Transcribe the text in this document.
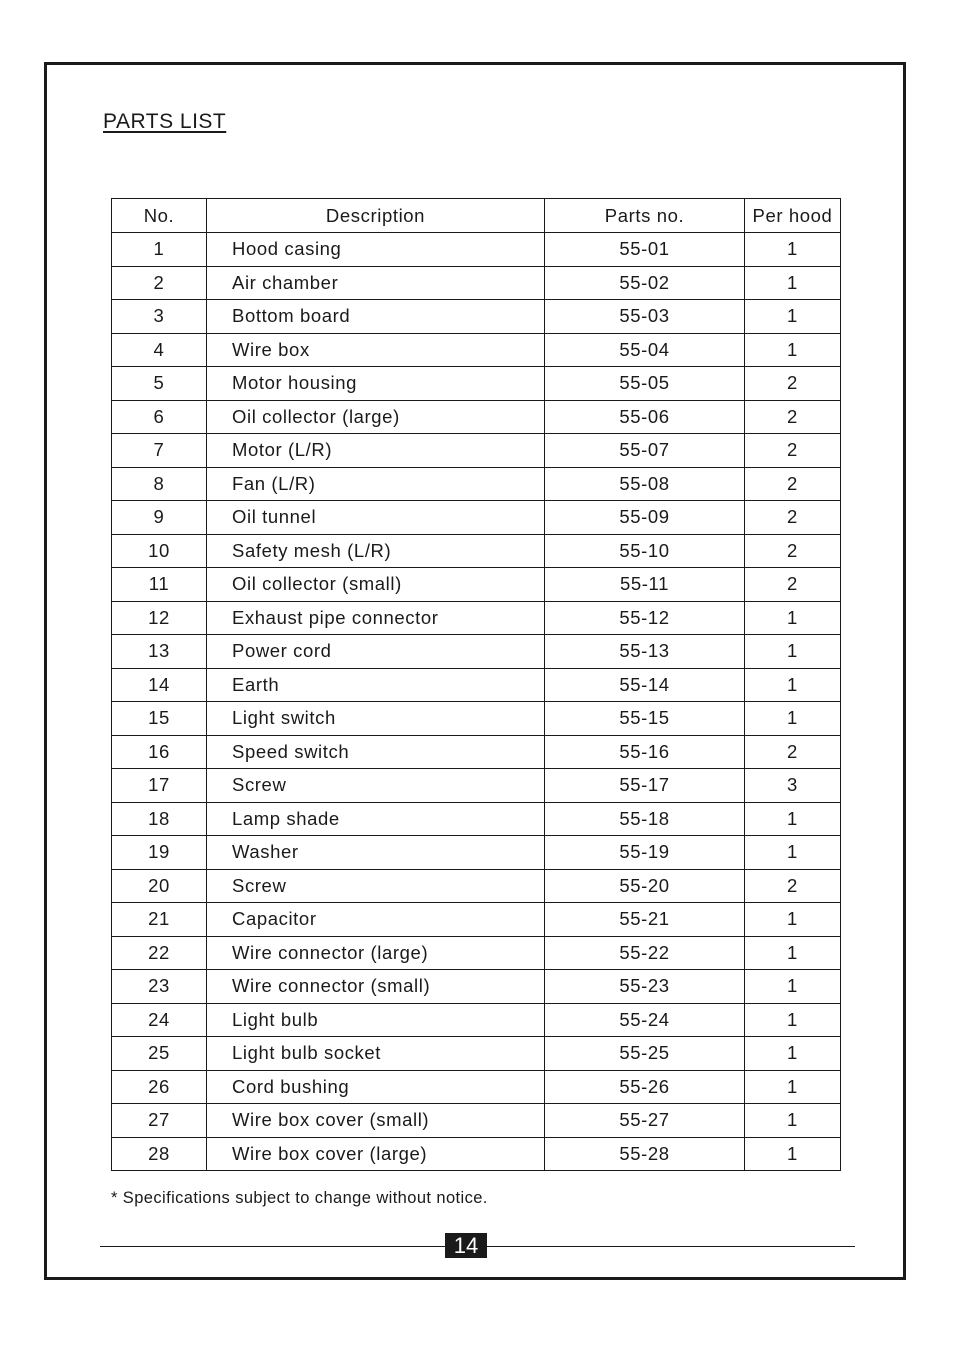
PARTS LIST
No.	Description	Parts no.	Per hood
1	Hood casing	55-01	1
2	Air chamber	55-02	1
3	Bottom board	55-03	1
4	Wire box	55-04	1
5	Motor housing	55-05	2
6	Oil collector (large)	55-06	2
7	Motor (L/R)	55-07	2
8	Fan (L/R)	55-08	2
9	Oil tunnel	55-09	2
10	Safety mesh (L/R)	55-10	2
11	Oil collector (small)	55-11	2
12	Exhaust pipe connector	55-12	1
13	Power cord	55-13	1
14	Earth	55-14	1
15	Light switch	55-15	1
16	Speed switch	55-16	2
17	Screw	55-17	3
18	Lamp shade	55-18	1
19	Washer	55-19	1
20	Screw	55-20	2
21	Capacitor	55-21	1
22	Wire connector (large)	55-22	1
23	Wire connector (small)	55-23	1
24	Light bulb	55-24	1
25	Light bulb socket	55-25	1
26	Cord bushing	55-26	1
27	Wire box cover (small)	55-27	1
28	Wire box cover (large)	55-28	1
* Specifications subject to change without notice.
14
